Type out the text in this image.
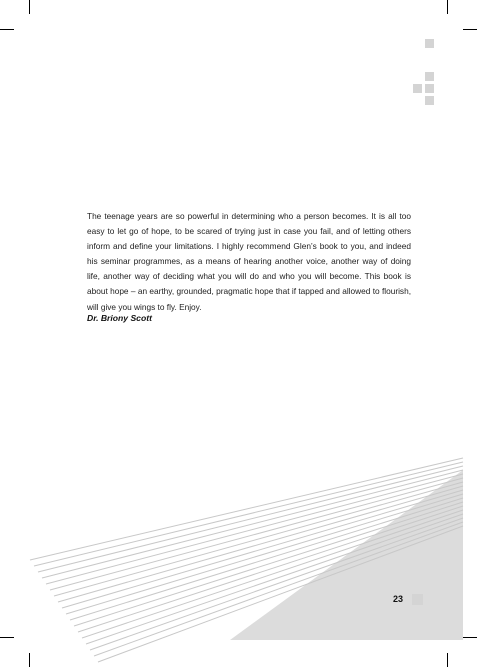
The teenage years are so powerful in determining who a person becomes. It is all too easy to let go of hope, to be scared of trying just in case you fail, and of letting others inform and define your limitations. I highly recommend Glen’s book to you, and indeed his seminar programmes, as a means of hearing another voice, another way of doing life, another way of deciding what you will do and who you will become. This book is about hope – an earthy, grounded, pragmatic hope that if tapped and allowed to flourish, will give you wings to fly. Enjoy.

Dr. Briony Scott
23
